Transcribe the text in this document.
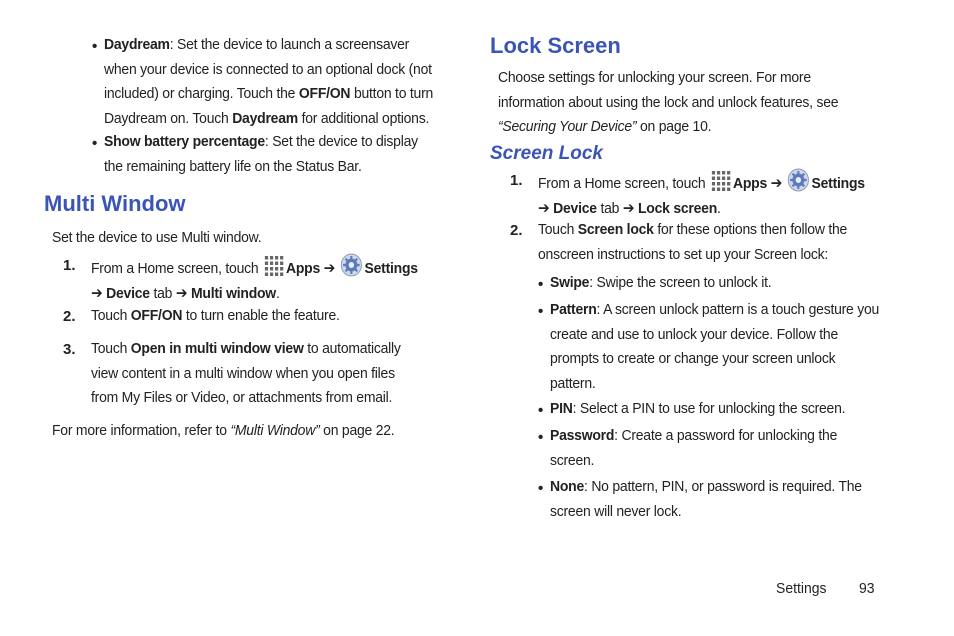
• Daydream: Set the device to launch a screensaver
when your device is connected to an optional dock (not
included) or charging. Touch the OFF/ON button to turn
Daydream on. Touch Daydream for additional options.
• Show battery percentage: Set the device to display
the remaining battery life on the Status Bar.
Multi Window
Set the device to use Multi window.
1. From a Home screen, touch Apps ➔ Settings
➔ Device tab ➔ Multi window.
2. Touch OFF/ON to turn enable the feature.
3. Touch Open in multi window view to automatically
view content in a multi window when you open files
from My Files or Video, or attachments from email.
For more information, refer to “Multi Window” on page 22.
Lock Screen
Choose settings for unlocking your screen. For more
information about using the lock and unlock features, see
“Securing Your Device” on page 10.
Screen Lock
1. From a Home screen, touch Apps ➔ Settings
➔ Device tab ➔ Lock screen.
2. Touch Screen lock for these options then follow the
onscreen instructions to set up your Screen lock:
• Swipe: Swipe the screen to unlock it.
• Pattern: A screen unlock pattern is a touch gesture you
create and use to unlock your device. Follow the
prompts to create or change your screen unlock
pattern.
• PIN: Select a PIN to use for unlocking the screen.
• Password: Create a password for unlocking the
screen.
• None: No pattern, PIN, or password is required. The
screen will never lock.
Settings 93
